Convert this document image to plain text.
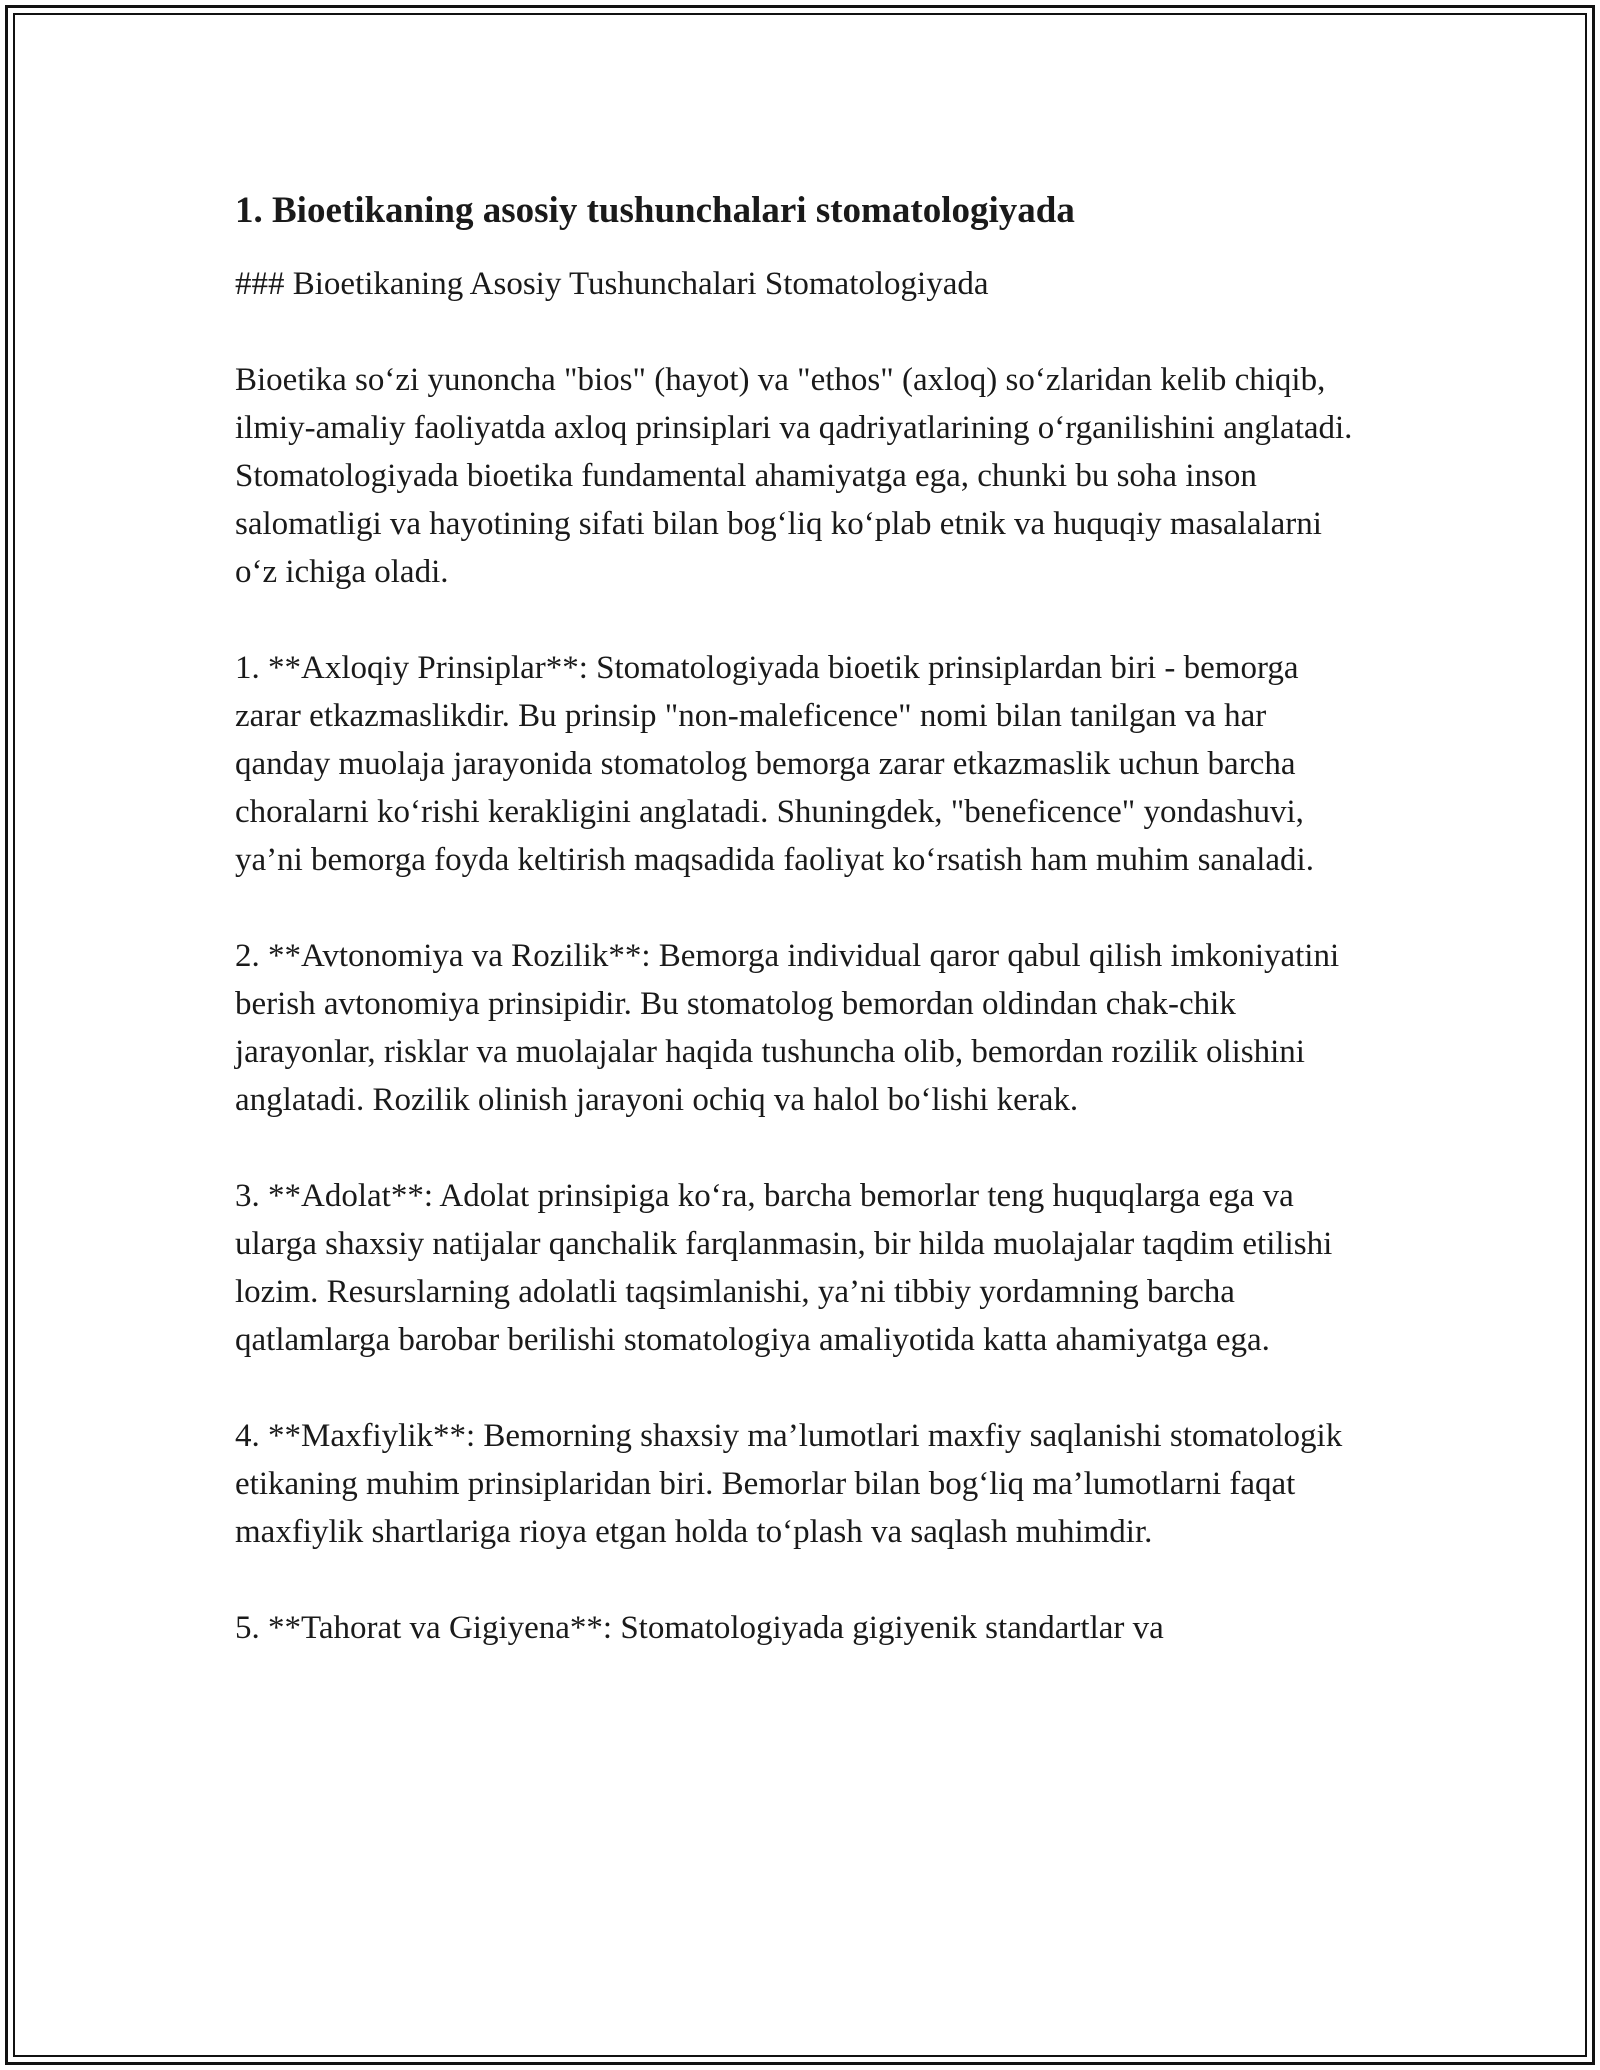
1. Bioetikaning asosiy tushunchalari stomatologiyada

### Bioetikaning Asosiy Tushunchalari Stomatologiyada

Bioetika so‘zi yunoncha "bios" (hayot) va "ethos" (axloq) so‘zlaridan kelib chiqib, ilmiy-amaliy faoliyatda axloq prinsiplari va qadriyatlarining o‘rganilishini anglatadi. Stomatologiyada bioetika fundamental ahamiyatga ega, chunki bu soha inson salomatligi va hayotining sifati bilan bog‘liq ko‘plab etnik va huquqiy masalalarni o‘z ichiga oladi.

1. **Axloqiy Prinsiplar**: Stomatologiyada bioetik prinsiplardan biri - bemorga zarar etkazmaslikdir. Bu prinsip "non-maleficence" nomi bilan tanilgan va har qanday muolaja jarayonida stomatolog bemorga zarar etkazmaslik uchun barcha choralarni ko‘rishi kerakligini anglatadi. Shuningdek, "beneficence" yondashuvi, ya’ni bemorga foyda keltirish maqsadida faoliyat ko‘rsatish ham muhim sanaladi.

2. **Avtonomiya va Rozilik**: Bemorga individual qaror qabul qilish imkoniyatini berish avtonomiya prinsipidir. Bu stomatolog bemordan oldindan chak-chik jarayonlar, risklar va muolajalar haqida tushuncha olib, bemordan rozilik olishini anglatadi. Rozilik olinish jarayoni ochiq va halol bo‘lishi kerak.

3. **Adolat**: Adolat prinsipiga ko‘ra, barcha bemorlar teng huquqlarga ega va ularga shaxsiy natijalar qanchalik farqlanmasin, bir hilda muolajalar taqdim etilishi lozim. Resurslarning adolatli taqsimlanishi, ya’ni tibbiy yordamning barcha qatlamlarga barobar berilishi stomatologiya amaliyotida katta ahamiyatga ega.

4. **Maxfiylik**: Bemorning shaxsiy ma’lumotlari maxfiy saqlanishi stomatologik etikaning muhim prinsiplaridan biri. Bemorlar bilan bog‘liq ma’lumotlarni faqat maxfiylik shartlariga rioya etgan holda to‘plash va saqlash muhimdir.

5. **Tahorat va Gigiyena**: Stomatologiyada gigiyenik standartlar va
